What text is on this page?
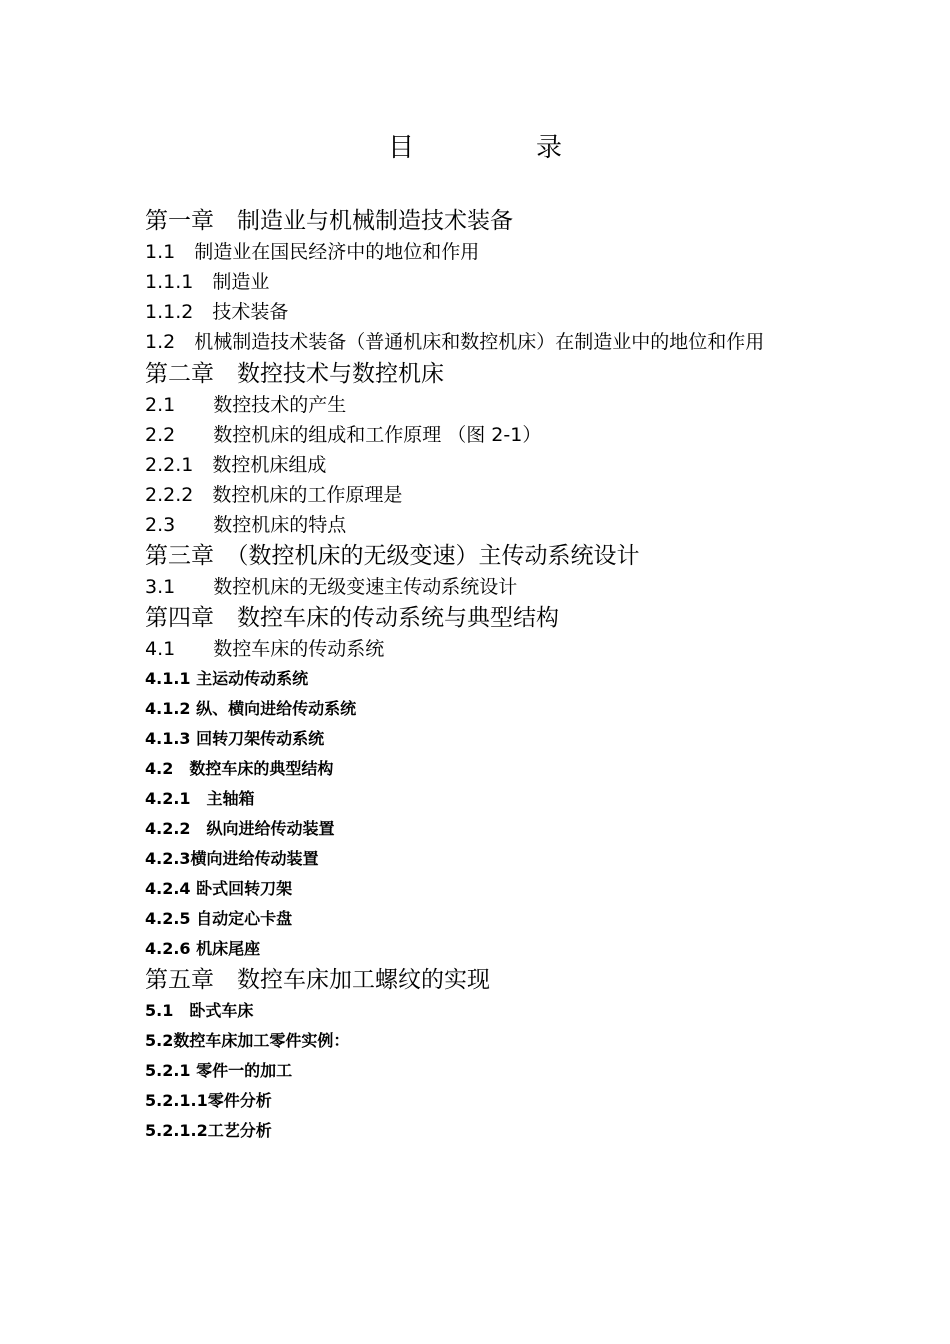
目　录
第一章　制造业与机械制造技术装备
1.1　制造业在国民经济中的地位和作用
1.1.1　制造业
1.1.2　技术装备
1.2　机械制造技术装备（普通机床和数控机床）在制造业中的地位和作用
第二章　数控技术与数控机床
2.1　　数控技术的产生
2.2　　数控机床的组成和工作原理 （图 2-1）
2.2.1　数控机床组成
2.2.2　数控机床的工作原理是
2.3　　数控机床的特点
第三章　（数控机床的无级变速）主传动系统设计
3.1　　数控机床的无级变速主传动系统设计
第四章　数控车床的传动系统与典型结构
4.1　　数控车床的传动系统
4.1.1 主运动传动系统
4.1.2 纵、横向进给传动系统
4.1.3 回转刀架传动系统
4.2　数控车床的典型结构
4.2.1　主轴箱
4.2.2　纵向进给传动装置
4.2.3横向进给传动装置
4.2.4 卧式回转刀架
4.2.5 自动定心卡盘
4.2.6 机床尾座
第五章　数控车床加工螺纹的实现
5.1　卧式车床
5.2数控车床加工零件实例：
5.2.1 零件一的加工
5.2.1.1零件分析
5.2.1.2工艺分析
